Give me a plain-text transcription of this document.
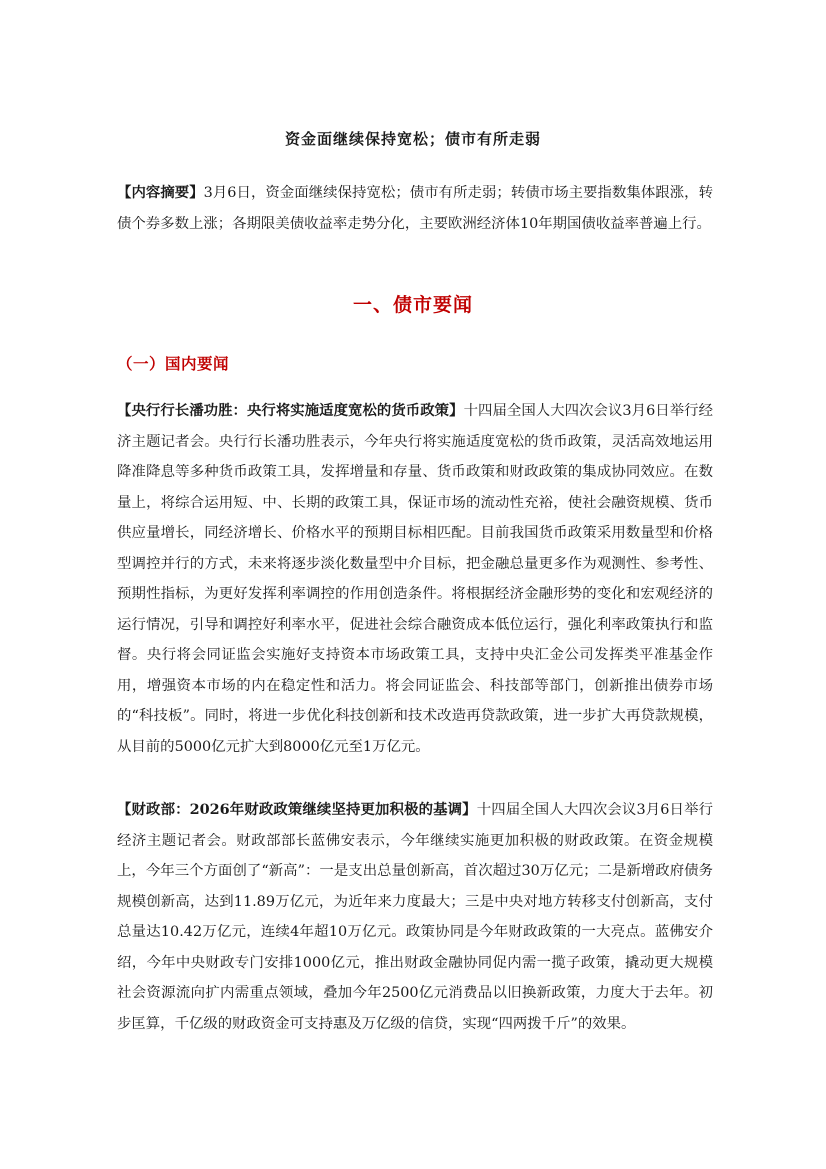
资金面继续保持宽松；债市有所走弱

【内容摘要】3月6日，资金面继续保持宽松；债市有所走弱；转债市场主要指数集体跟涨，转债个券多数上涨；各期限美债收益率走势分化，主要欧洲经济体10年期国债收益率普遍上行。

一、债市要闻
（一）国内要闻

【央行行长潘功胜：央行将实施适度宽松的货币政策】十四届全国人大四次会议3月6日举行经济主题记者会。央行行长潘功胜表示，今年央行将实施适度宽松的货币政策，灵活高效地运用降准降息等多种货币政策工具，发挥增量和存量、货币政策和财政政策的集成协同效应。在数量上，将综合运用短、中、长期的政策工具，保证市场的流动性充裕，使社会融资规模、货币供应量增长，同经济增长、价格水平的预期目标相匹配。目前我国货币政策采用数量型和价格型调控并行的方式，未来将逐步淡化数量型中介目标，把金融总量更多作为观测性、参考性、预期性指标，为更好发挥利率调控的作用创造条件。将根据经济金融形势的变化和宏观经济的运行情况，引导和调控好利率水平，促进社会综合融资成本低位运行，强化利率政策执行和监督。央行将会同证监会实施好支持资本市场政策工具，支持中央汇金公司发挥类平准基金作用，增强资本市场的内在稳定性和活力。将会同证监会、科技部等部门，创新推出债券市场的“科技板”。同时，将进一步优化科技创新和技术改造再贷款政策，进一步扩大再贷款规模，从目前的5000亿元扩大到8000亿元至1万亿元。

【财政部：2026年财政政策继续坚持更加积极的基调】十四届全国人大四次会议3月6日举行经济主题记者会。财政部部长蓝佛安表示，今年继续实施更加积极的财政政策。在资金规模上，今年三个方面创了“新高”：一是支出总量创新高，首次超过30万亿元；二是新增政府债务规模创新高，达到11.89万亿元，为近年来力度最大；三是中央对地方转移支付创新高，支付总量达10.42万亿元，连续4年超10万亿元。政策协同是今年财政政策的一大亮点。蓝佛安介绍，今年中央财政专门安排1000亿元，推出财政金融协同促内需一揽子政策，撬动更大规模社会资源流向扩内需重点领域，叠加今年2500亿元消费品以旧换新政策，力度大于去年。初步匡算，千亿级的财政资金可支持惠及万亿级的信贷，实现“四两拨千斤”的效果。
